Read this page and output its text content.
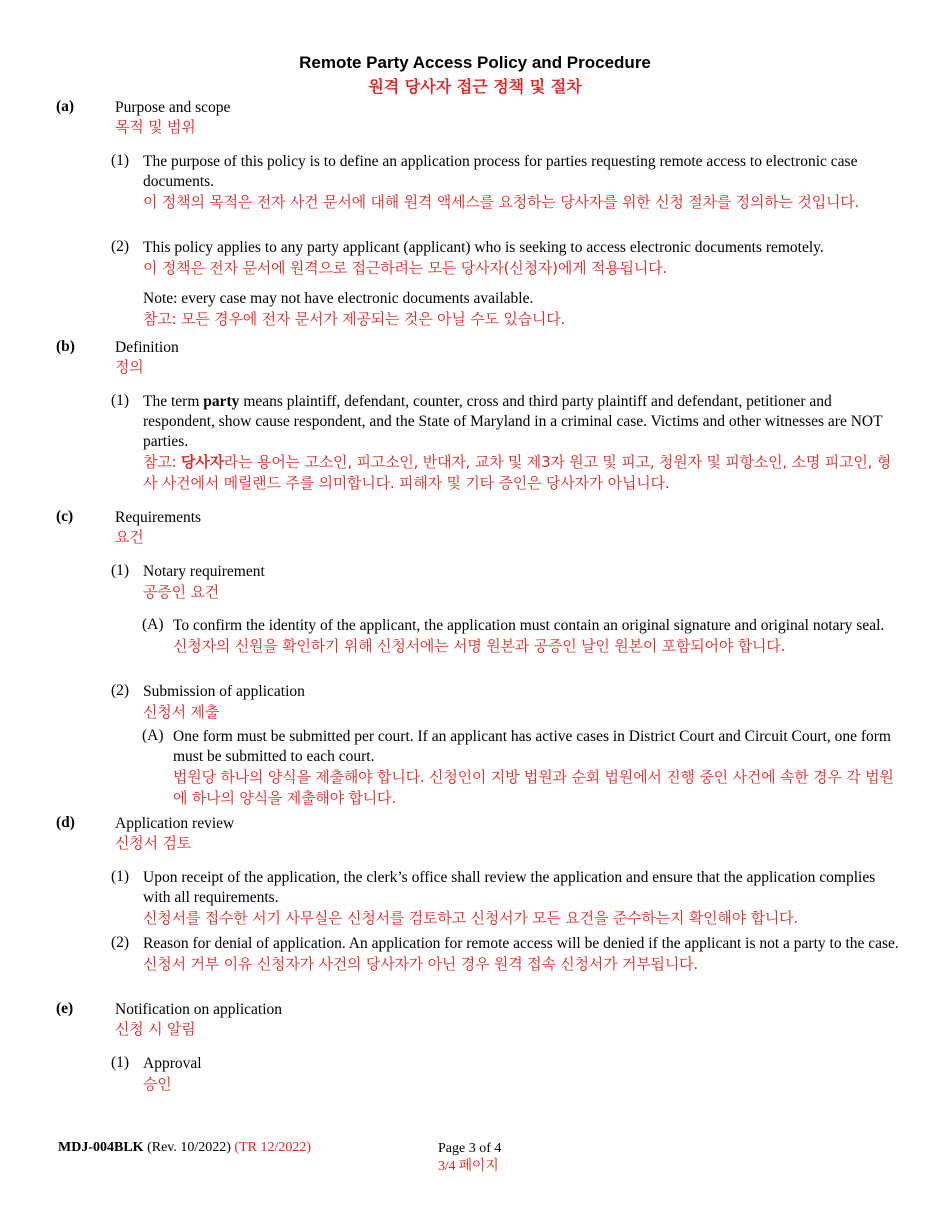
Remote Party Access Policy and Procedure
원격 당사자 접근 정책 및 절차
(a)	Purpose and scope
목적 및 범위
(1) The purpose of this policy is to define an application process for parties requesting remote access to electronic case documents.
이 정책의 목적은 전자 사건 문서에 대해 원격 액세스를 요청하는 당사자를 위한 신청 절차를 정의하는 것입니다.
(2) This policy applies to any party applicant (applicant) who is seeking to access electronic documents remotely.
이 정책은 전자 문서에 원격으로 접근하려는 모든 당사자(신청자)에게 적용됩니다.
Note: every case may not have electronic documents available.
참고: 모든 경우에 전자 문서가 제공되는 것은 아닐 수도 있습니다.
(b)	Definition
정의
(1) The term party means plaintiff, defendant, counter, cross and third party plaintiff and defendant, petitioner and respondent, show cause respondent, and the State of Maryland in a criminal case. Victims and other witnesses are NOT parties.
참고: 당사자라는 용어는 고소인, 피고소인, 반대자, 교차 및 제3자 원고 및 피고, 청원자 및 피항소인, 소명 피고인, 형사 사건에서 메릴랜드 주를 의미합니다. 피해자 및 기타 증인은 당사자가 아닙니다.
(c)	Requirements
요건
(1) Notary requirement
공증인 요건
(A) To confirm the identity of the applicant, the application must contain an original signature and original notary seal.
신청자의 신원을 확인하기 위해 신청서에는 서명 원본과 공증인 날인 원본이 포함되어야 합니다.
(2) Submission of application
신청서 제출
(A) One form must be submitted per court. If an applicant has active cases in District Court and Circuit Court, one form must be submitted to each court.
법원당 하나의 양식을 제출해야 합니다. 신청인이 지방 법원과 순회 법원에서 진행 중인 사건에 속한 경우 각 법원에 하나의 양식을 제출해야 합니다.
(d)	Application review
신청서 검토
(1) Upon receipt of the application, the clerk’s office shall review the application and ensure that the application complies with all requirements.
신청서를 접수한 서기 사무실은 신청서를 검토하고 신청서가 모든 요건을 준수하는지 확인해야 합니다.
(2) Reason for denial of application. An application for remote access will be denied if the applicant is not a party to the case.
신청서 거부 이유 신청자가 사건의 당사자가 아닌 경우 원격 접속 신청서가 거부됩니다.
(e)	Notification on application
신청 시 알림
(1) Approval
승인
MDJ-004BLK (Rev. 10/2022) (TR 12/2022)	Page 3 of 4
3/4 페이지
